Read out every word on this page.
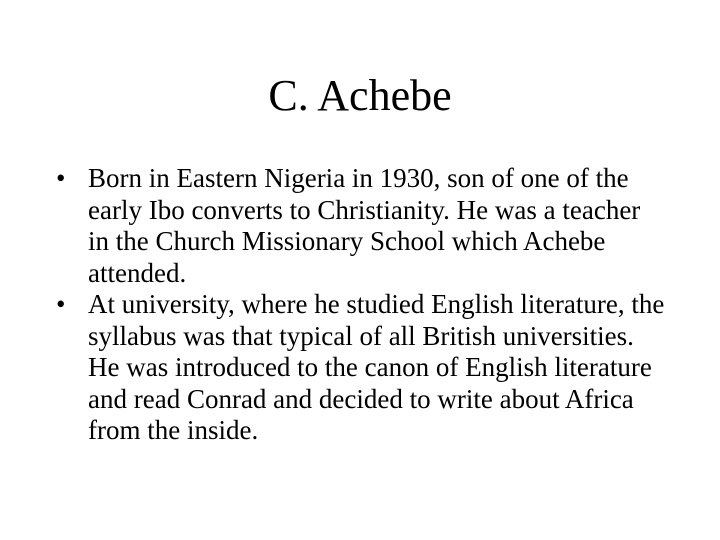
C. Achebe
• Born in Eastern Nigeria in 1930, son of one of the early Ibo converts to Christianity. He was a teacher in the Church Missionary School which Achebe attended.
• At university, where he studied English literature, the syllabus was that typical of all British universities. He was introduced to the canon of English literature and read Conrad and decided to write about Africa from the inside.
